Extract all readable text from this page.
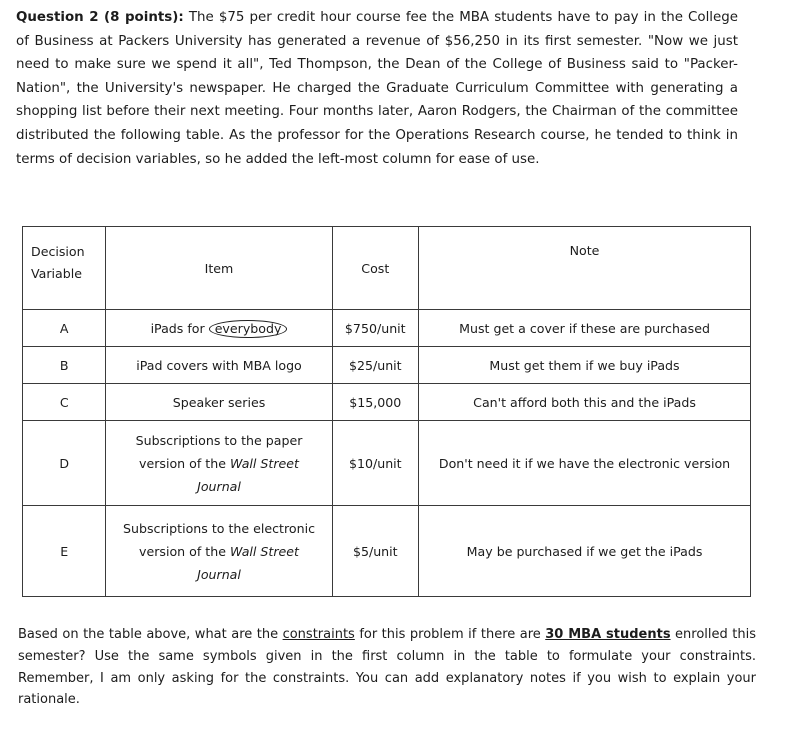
Question 2 (8 points): The $75 per credit hour course fee the MBA students have to pay in the College of Business at Packers University has generated a revenue of $56,250 in its first semester. "Now we just need to make sure we spend it all", Ted Thompson, the Dean of the College of Business said to "Packer-Nation", the University's newspaper. He charged the Graduate Curriculum Committee with generating a shopping list before their next meeting. Four months later, Aaron Rodgers, the Chairman of the committee distributed the following table. As the professor for the Operations Research course, he tended to think in terms of decision variables, so he added the left-most column for ease of use.
Decision
Variable	Item	Cost	Note
A	iPads for everybody	$750/unit	Must get a cover if these are purchased
B	iPad covers with MBA logo	$25/unit	Must get them if we buy iPads
C	Speaker series	$15,000	Can't afford both this and the iPads
D	Subscriptions to the paper
version of the Wall Street
Journal	$10/unit	Don't need it if we have the electronic version
E	Subscriptions to the electronic
version of the Wall Street
Journal	$5/unit	May be purchased if we get the iPads
Based on the table above, what are the constraints for this problem if there are 30 MBA students enrolled this semester? Use the same symbols given in the first column in the table to formulate your constraints. Remember, I am only asking for the constraints. You can add explanatory notes if you wish to explain your rationale.
